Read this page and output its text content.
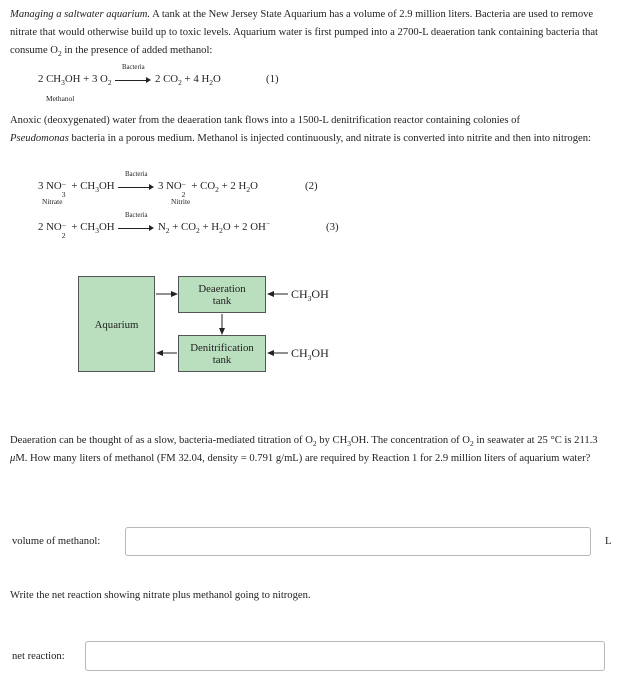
Managing a saltwater aquarium. A tank at the New Jersey State Aquarium has a volume of 2.9 million liters. Bacteria are used to remove nitrate that would otherwise build up to toxic levels. Aquarium water is first pumped into a 2700-L deaeration tank containing bacteria that consume $O_2$ in the presence of added methanol:
2 $CH_3OH + 3$ $O_2$
Bacteria
2 $CO_2 + 4$ $H_2O$	(1)
Methanol
Anoxic (deoxygenated) water from the deaeration tank flows into a 1500-L denitrification reactor containing colonies of
Pseudomonas bacteria in a porous medium. Methanol is injected continuously, and nitrate is converted into nitrite and then into nitrogen:
3 NO −
3
+ $CH_3OH$
Bacteria
3 NO −
2
+ $CO_2 + 2$ $H_2O$	(2)
Nitrate	Nitrite
2 NO −
2
+ $CH_3OH$
Bacteria
$N_2 + CO_2 + H_2O + 2$ OH−	(3)
Aquarium
Deaeration
tank
Denitrification
tank
$CH_3OH$
$CH_3OH$
Deaeration can be thought of as a slow, bacteria-mediated titration of $O_2$ by $CH_3OH$. The concentration of $O_2$ in seawater at 25 °C is 211.3 μM. How many liters of methanol (FM 32.04, density = 0.791 g/mL) are required by Reaction 1 for 2.9 million liters of aquarium water?
volume of methanol:	L
Write the net reaction showing nitrate plus methanol going to nitrogen.
net reaction:
